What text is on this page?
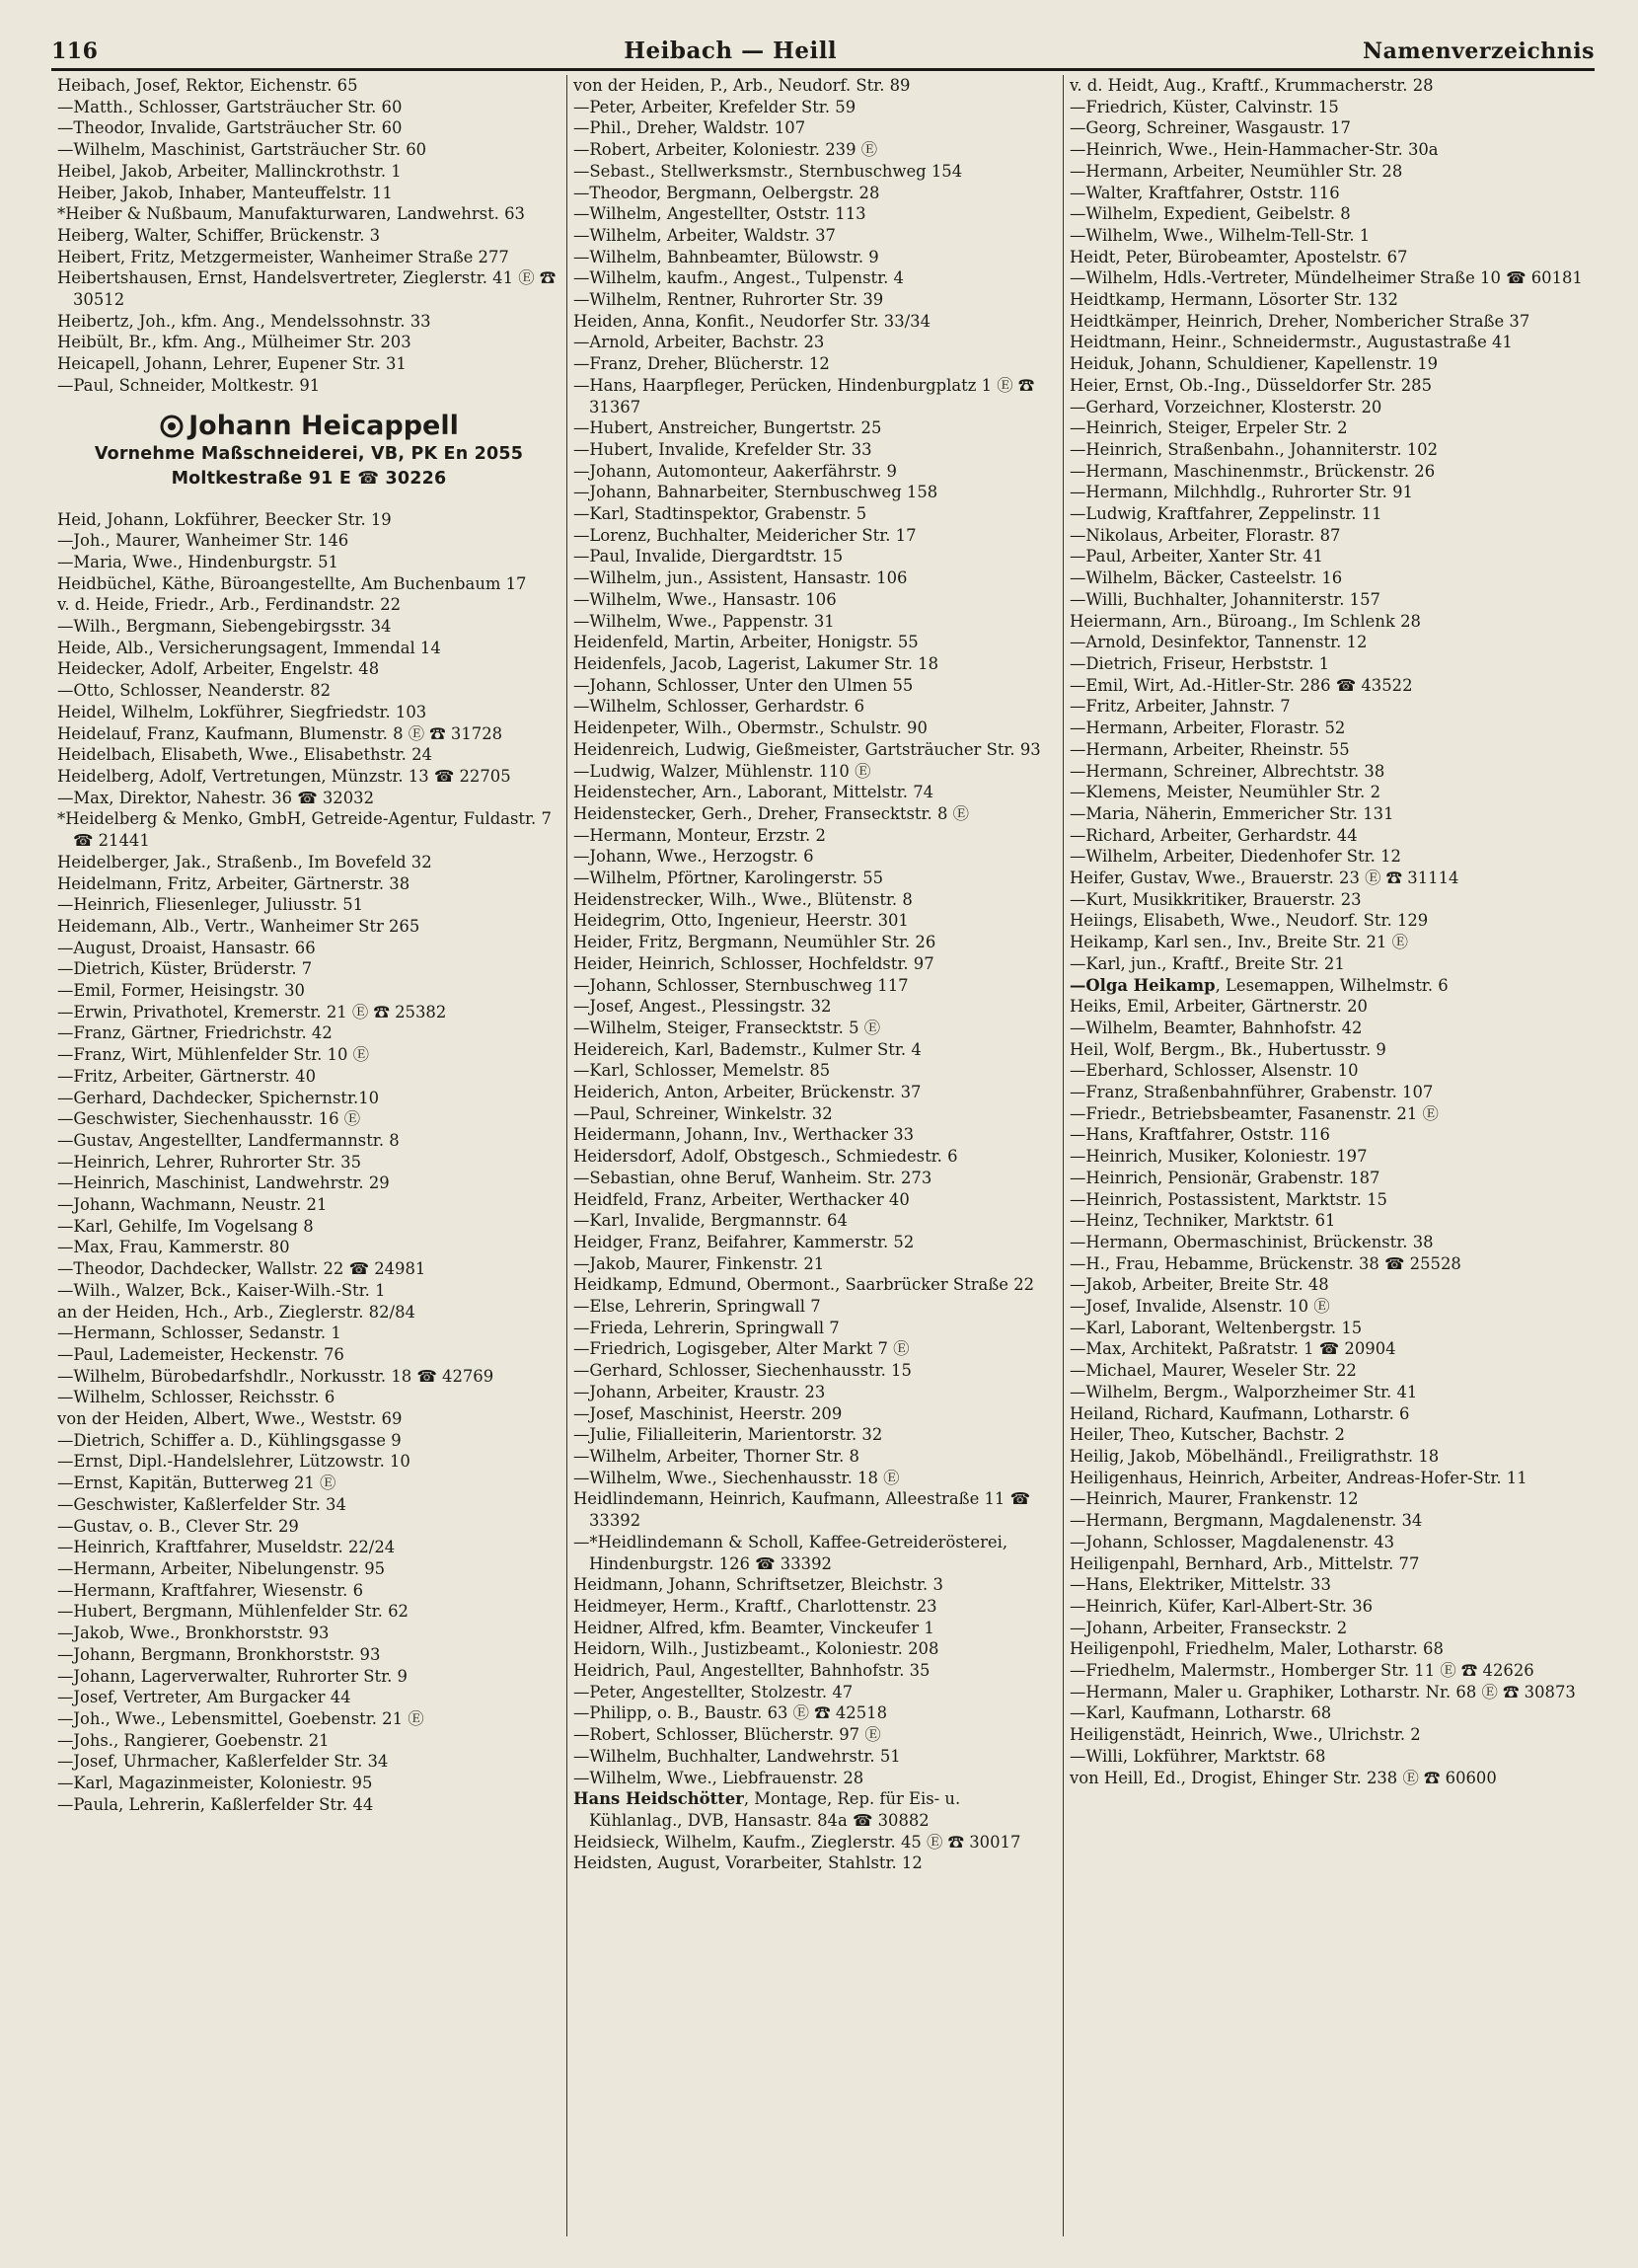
116	Heibach — Heill	Namenverzeichnis

Heibach, Josef, Rektor, Eichenstr. 65

—Matth., Schlosser, Gartsträucher Str. 60

—Theodor, Invalide, Gartsträucher Str. 60

—Wilhelm, Maschinist, Gartsträucher Str. 60

Heibel, Jakob, Arbeiter, Mallinckrothstr. 1

Heiber, Jakob, Inhaber, Manteuffelstr. 11

*Heiber & Nußbaum, Manufakturwaren, Landwehrst. 63

Heiberg, Walter, Schiffer, Brückenstr. 3

Heibert, Fritz, Metzgermeister, Wanheimer Straße 277

Heibertshausen, Ernst, Handelsvertreter, Zieglerstr. 41 Ⓔ ☎ 30512

Heibertz, Joh., kfm. Ang., Mendelssohnstr. 33

Heibült, Br., kfm. Ang., Mülheimer Str. 203

Heicapell, Johann, Lehrer, Eupener Str. 31

—Paul, Schneider, Moltkestr. 91

Johann Heicappell
Vornehme Maßschneiderei, VB, PK En 2055
Moltkestraße 91 E ☎ 30226

Heid, Johann, Lokführer, Beecker Str. 19

—Joh., Maurer, Wanheimer Str. 146

—Maria, Wwe., Hindenburgstr. 51

Heidbüchel, Käthe, Büroangestellte, Am Buchenbaum 17

v. d. Heide, Friedr., Arb., Ferdinandstr. 22

—Wilh., Bergmann, Siebengebirgsstr. 34

Heide, Alb., Versicherungsagent, Immendal 14

Heidecker, Adolf, Arbeiter, Engelstr. 48

—Otto, Schlosser, Neanderstr. 82

Heidel, Wilhelm, Lokführer, Siegfriedstr. 103

Heidelauf, Franz, Kaufmann, Blumenstr. 8 Ⓔ ☎ 31728

Heidelbach, Elisabeth, Wwe., Elisabethstr. 24

Heidelberg, Adolf, Vertretungen, Münzstr. 13 ☎ 22705

—Max, Direktor, Nahestr. 36 ☎ 32032

*Heidelberg & Menko, GmbH, Getreide-Agentur, Fuldastr. 7 ☎ 21441

Heidelberger, Jak., Straßenb., Im Bovefeld 32

Heidelmann, Fritz, Arbeiter, Gärtnerstr. 38

—Heinrich, Fliesenleger, Juliusstr. 51

Heidemann, Alb., Vertr., Wanheimer Str 265

—August, Droaist, Hansastr. 66

—Dietrich, Küster, Brüderstr. 7

—Emil, Former, Heisingstr. 30

—Erwin, Privathotel, Kremerstr. 21 Ⓔ ☎ 25382

—Franz, Gärtner, Friedrichstr. 42

—Franz, Wirt, Mühlenfelder Str. 10 Ⓔ

—Fritz, Arbeiter, Gärtnerstr. 40

—Gerhard, Dachdecker, Spichernstr.10

—Geschwister, Siechenhausstr. 16 Ⓔ

—Gustav, Angestellter, Landfermannstr. 8

—Heinrich, Lehrer, Ruhrorter Str. 35

—Heinrich, Maschinist, Landwehrstr. 29

—Johann, Wachmann, Neustr. 21

—Karl, Gehilfe, Im Vogelsang 8

—Max, Frau, Kammerstr. 80

—Theodor, Dachdecker, Wallstr. 22 ☎ 24981

—Wilh., Walzer, Bck., Kaiser-Wilh.-Str. 1

an der Heiden, Hch., Arb., Zieglerstr. 82/84

—Hermann, Schlosser, Sedanstr. 1

—Paul, Lademeister, Heckenstr. 76

—Wilhelm, Bürobedarfshdlr., Norkusstr. 18 ☎ 42769

—Wilhelm, Schlosser, Reichsstr. 6

von der Heiden, Albert, Wwe., Weststr. 69

—Dietrich, Schiffer a. D., Kühlingsgasse 9

—Ernst, Dipl.-Handelslehrer, Lützowstr. 10

—Ernst, Kapitän, Butterweg 21 Ⓔ

—Geschwister, Kaßlerfelder Str. 34

—Gustav, o. B., Clever Str. 29

—Heinrich, Kraftfahrer, Museldstr. 22/24

—Hermann, Arbeiter, Nibelungenstr. 95

—Hermann, Kraftfahrer, Wiesenstr. 6

—Hubert, Bergmann, Mühlenfelder Str. 62

—Jakob, Wwe., Bronkhorststr. 93

—Johann, Bergmann, Bronkhorststr. 93

—Johann, Lagerverwalter, Ruhrorter Str. 9

—Josef, Vertreter, Am Burgacker 44

—Joh., Wwe., Lebensmittel, Goebenstr. 21 Ⓔ

—Johs., Rangierer, Goebenstr. 21

—Josef, Uhrmacher, Kaßlerfelder Str. 34

—Karl, Magazinmeister, Koloniestr. 95

—Paula, Lehrerin, Kaßlerfelder Str. 44

von der Heiden, P., Arb., Neudorf. Str. 89

—Peter, Arbeiter, Krefelder Str. 59

—Phil., Dreher, Waldstr. 107

—Robert, Arbeiter, Koloniestr. 239 Ⓔ

—Sebast., Stellwerksmstr., Sternbuschweg 154

—Theodor, Bergmann, Oelbergstr. 28

—Wilhelm, Angestellter, Oststr. 113

—Wilhelm, Arbeiter, Waldstr. 37

—Wilhelm, Bahnbeamter, Bülowstr. 9

—Wilhelm, kaufm., Angest., Tulpenstr. 4

—Wilhelm, Rentner, Ruhrorter Str. 39

Heiden, Anna, Konfit., Neudorfer Str. 33/34

—Arnold, Arbeiter, Bachstr. 23

—Franz, Dreher, Blücherstr. 12

—Hans, Haarpfleger, Perücken, Hindenburgplatz 1 Ⓔ ☎ 31367

—Hubert, Anstreicher, Bungertstr. 25

—Hubert, Invalide, Krefelder Str. 33

—Johann, Automonteur, Aakerfährstr. 9

—Johann, Bahnarbeiter, Sternbuschweg 158

—Karl, Stadtinspektor, Grabenstr. 5

—Lorenz, Buchhalter, Meidericher Str. 17

—Paul, Invalide, Diergardtstr. 15

—Wilhelm, jun., Assistent, Hansastr. 106

—Wilhelm, Wwe., Hansastr. 106

—Wilhelm, Wwe., Pappenstr. 31

Heidenfeld, Martin, Arbeiter, Honigstr. 55

Heidenfels, Jacob, Lagerist, Lakumer Str. 18

—Johann, Schlosser, Unter den Ulmen 55

—Wilhelm, Schlosser, Gerhardstr. 6

Heidenpeter, Wilh., Obermstr., Schulstr. 90

Heidenreich, Ludwig, Gießmeister, Gartsträucher Str. 93

—Ludwig, Walzer, Mühlenstr. 110 Ⓔ

Heidenstecher, Arn., Laborant, Mittelstr. 74

Heidenstecker, Gerh., Dreher, Fransecktstr. 8 Ⓔ

—Hermann, Monteur, Erzstr. 2

—Johann, Wwe., Herzogstr. 6

—Wilhelm, Pförtner, Karolingerstr. 55

Heidenstrecker, Wilh., Wwe., Blütenstr. 8

Heidegrim, Otto, Ingenieur, Heerstr. 301

Heider, Fritz, Bergmann, Neumühler Str. 26

Heider, Heinrich, Schlosser, Hochfeldstr. 97

—Johann, Schlosser, Sternbuschweg 117

—Josef, Angest., Plessingstr. 32

—Wilhelm, Steiger, Fransecktstr. 5 Ⓔ

Heidereich, Karl, Bademstr., Kulmer Str. 4

—Karl, Schlosser, Memelstr. 85

Heiderich, Anton, Arbeiter, Brückenstr. 37

—Paul, Schreiner, Winkelstr. 32

Heidermann, Johann, Inv., Werthacker 33

Heidersdorf, Adolf, Obstgesch., Schmiedestr. 6

—Sebastian, ohne Beruf, Wanheim. Str. 273

Heidfeld, Franz, Arbeiter, Werthacker 40

—Karl, Invalide, Bergmannstr. 64

Heidger, Franz, Beifahrer, Kammerstr. 52

—Jakob, Maurer, Finkenstr. 21

Heidkamp, Edmund, Obermont., Saarbrücker Straße 22

—Else, Lehrerin, Springwall 7

—Frieda, Lehrerin, Springwall 7

—Friedrich, Logisgeber, Alter Markt 7 Ⓔ

—Gerhard, Schlosser, Siechenhausstr. 15

—Johann, Arbeiter, Kraustr. 23

—Josef, Maschinist, Heerstr. 209

—Julie, Filialleiterin, Marientorstr. 32

—Wilhelm, Arbeiter, Thorner Str. 8

—Wilhelm, Wwe., Siechenhausstr. 18 Ⓔ

Heidlindemann, Heinrich, Kaufmann, Alleestraße 11 ☎ 33392

—*Heidlindemann & Scholl, Kaffee-Getreiderösterei, Hindenburgstr. 126 ☎ 33392

Heidmann, Johann, Schriftsetzer, Bleichstr. 3

Heidmeyer, Herm., Kraftf., Charlottenstr. 23

Heidner, Alfred, kfm. Beamter, Vinckeufer 1

Heidorn, Wilh., Justizbeamt., Koloniestr. 208

Heidrich, Paul, Angestellter, Bahnhofstr. 35

—Peter, Angestellter, Stolzestr. 47

—Philipp, o. B., Baustr. 63 Ⓔ ☎ 42518

—Robert, Schlosser, Blücherstr. 97 Ⓔ

—Wilhelm, Buchhalter, Landwehrstr. 51

—Wilhelm, Wwe., Liebfrauenstr. 28

Hans Heidschötter, Montage, Rep. für Eis- u. Kühlanlag., DVB, Hansastr. 84a ☎ 30882

Heidsieck, Wilhelm, Kaufm., Zieglerstr. 45 Ⓔ ☎ 30017

Heidsten, August, Vorarbeiter, Stahlstr. 12

v. d. Heidt, Aug., Kraftf., Krummacherstr. 28

—Friedrich, Küster, Calvinstr. 15

—Georg, Schreiner, Wasgaustr. 17

—Heinrich, Wwe., Hein-Hammacher-Str. 30a

—Hermann, Arbeiter, Neumühler Str. 28

—Walter, Kraftfahrer, Oststr. 116

—Wilhelm, Expedient, Geibelstr. 8

—Wilhelm, Wwe., Wilhelm-Tell-Str. 1

Heidt, Peter, Bürobeamter, Apostelstr. 67

—Wilhelm, Hdls.-Vertreter, Mündelheimer Straße 10 ☎ 60181

Heidtkamp, Hermann, Lösorter Str. 132

Heidtkämper, Heinrich, Dreher, Nombericher Straße 37

Heidtmann, Heinr., Schneidermstr., Augustastraße 41

Heiduk, Johann, Schuldiener, Kapellenstr. 19

Heier, Ernst, Ob.-Ing., Düsseldorfer Str. 285

—Gerhard, Vorzeichner, Klosterstr. 20

—Heinrich, Steiger, Erpeler Str. 2

—Heinrich, Straßenbahn., Johanniterstr. 102

—Hermann, Maschinenmstr., Brückenstr. 26

—Hermann, Milchhdlg., Ruhrorter Str. 91

—Ludwig, Kraftfahrer, Zeppelinstr. 11

—Nikolaus, Arbeiter, Florastr. 87

—Paul, Arbeiter, Xanter Str. 41

—Wilhelm, Bäcker, Casteelstr. 16

—Willi, Buchhalter, Johanniterstr. 157

Heiermann, Arn., Büroang., Im Schlenk 28

—Arnold, Desinfektor, Tannenstr. 12

—Dietrich, Friseur, Herbststr. 1

—Emil, Wirt, Ad.-Hitler-Str. 286 ☎ 43522

—Fritz, Arbeiter, Jahnstr. 7

—Hermann, Arbeiter, Florastr. 52

—Hermann, Arbeiter, Rheinstr. 55

—Hermann, Schreiner, Albrechtstr. 38

—Klemens, Meister, Neumühler Str. 2

—Maria, Näherin, Emmericher Str. 131

—Richard, Arbeiter, Gerhardstr. 44

—Wilhelm, Arbeiter, Diedenhofer Str. 12

Heifer, Gustav, Wwe., Brauerstr. 23 Ⓔ ☎ 31114

—Kurt, Musikkritiker, Brauerstr. 23

Heiings, Elisabeth, Wwe., Neudorf. Str. 129

Heikamp, Karl sen., Inv., Breite Str. 21 Ⓔ

—Karl, jun., Kraftf., Breite Str. 21

—Olga Heikamp, Lesemappen, Wilhelmstr. 6

Heiks, Emil, Arbeiter, Gärtnerstr. 20

—Wilhelm, Beamter, Bahnhofstr. 42

Heil, Wolf, Bergm., Bk., Hubertusstr. 9

—Eberhard, Schlosser, Alsenstr. 10

—Franz, Straßenbahnführer, Grabenstr. 107

—Friedr., Betriebsbeamter, Fasanenstr. 21 Ⓔ

—Hans, Kraftfahrer, Oststr. 116

—Heinrich, Musiker, Koloniestr. 197

—Heinrich, Pensionär, Grabenstr. 187

—Heinrich, Postassistent, Marktstr. 15

—Heinz, Techniker, Marktstr. 61

—Hermann, Obermaschinist, Brückenstr. 38

—H., Frau, Hebamme, Brückenstr. 38 ☎ 25528

—Jakob, Arbeiter, Breite Str. 48

—Josef, Invalide, Alsenstr. 10 Ⓔ

—Karl, Laborant, Weltenbergstr. 15

—Max, Architekt, Paßratstr. 1 ☎ 20904

—Michael, Maurer, Weseler Str. 22

—Wilhelm, Bergm., Walporzheimer Str. 41

Heiland, Richard, Kaufmann, Lotharstr. 6

Heiler, Theo, Kutscher, Bachstr. 2

Heilig, Jakob, Möbelhändl., Freiligrathstr. 18

Heiligenhaus, Heinrich, Arbeiter, Andreas-Hofer-Str. 11

—Heinrich, Maurer, Frankenstr. 12

—Hermann, Bergmann, Magdalenenstr. 34

—Johann, Schlosser, Magdalenenstr. 43

Heiligenpahl, Bernhard, Arb., Mittelstr. 77

—Hans, Elektriker, Mittelstr. 33

—Heinrich, Küfer, Karl-Albert-Str. 36

—Johann, Arbeiter, Franseckstr. 2

Heiligenpohl, Friedhelm, Maler, Lotharstr. 68

—Friedhelm, Malermstr., Homberger Str. 11 Ⓔ ☎ 42626

—Hermann, Maler u. Graphiker, Lotharstr. Nr. 68 Ⓔ ☎ 30873

—Karl, Kaufmann, Lotharstr. 68

Heiligenstädt, Heinrich, Wwe., Ulrichstr. 2

—Willi, Lokführer, Marktstr. 68

von Heill, Ed., Drogist, Ehinger Str. 238 Ⓔ ☎ 60600
